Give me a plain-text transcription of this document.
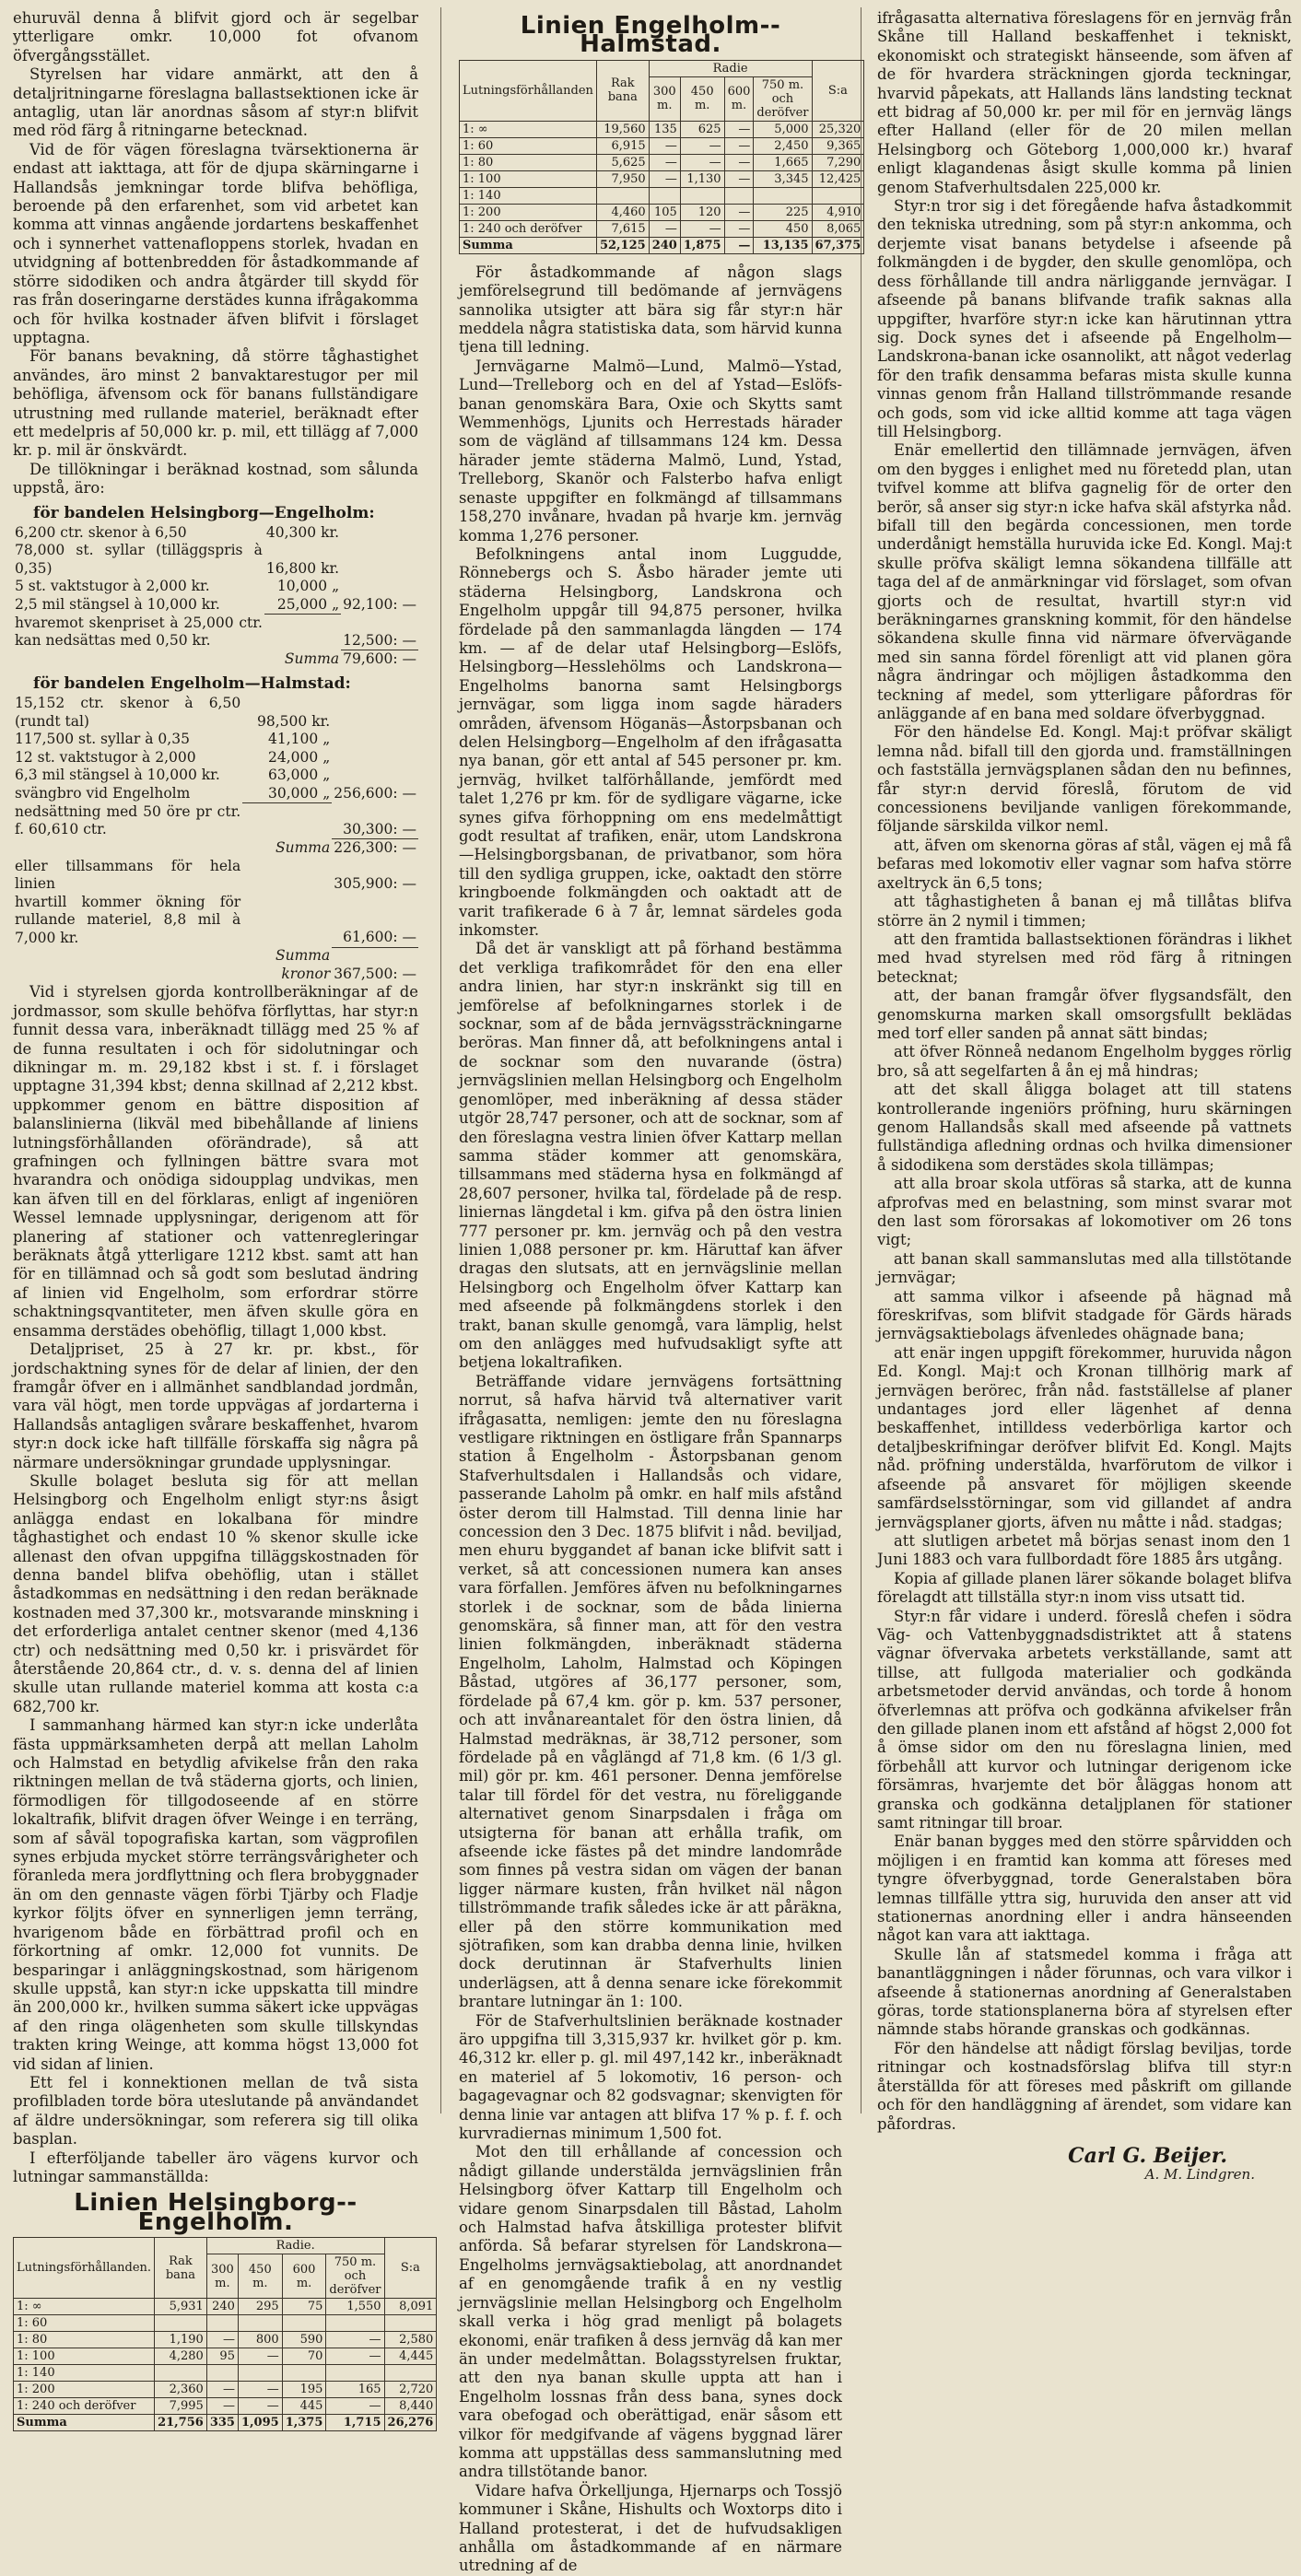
ehuruväl denna å blifvit gjord och är segelbar ytterligare omkr. 10,000 fot ofvanom öfvergångsstället.

Styrelsen har vidare anmärkt, att den å detaljritningarne föreslagna ballastsektionen icke är antaglig, utan lär anordnas såsom af styr:n blifvit med röd färg å ritningarne betecknad.

Vid de för vägen föreslagna tvärsektionerna är endast att iakttaga, att för de djupa skärningarne i Hallandsås jemkningar torde blifva behöfliga, beroende på den erfarenhet, som vid arbetet kan komma att vinnas angående jordartens beskaffenhet och i synnerhet vattenafloppens storlek, hvadan en utvidgning af bottenbredden för åstadkommande af större sidodiken och andra åtgärder till skydd för ras från doseringarne derstädes kunna ifrågakomma och för hvilka kostnader äfven blifvit i förslaget upptagna.

För banans bevakning, då större tåghastighet användes, äro minst 2 banvaktarestugor per mil behöfliga, äfvensom ock för banans fullständigare utrustning med rullande materiel, beräknadt efter ett medelpris af 50,000 kr. p. mil, ett tillägg af 7,000 kr. p. mil är önskvärdt.

De tillökningar i beräknad kostnad, som sålunda uppstå, äro:

för bandelen Helsingborg—Engelholm:
6,200 ctr. skenor à 6,50	40,300 kr.	
78,000 st. syllar (tilläggspris à 0,35)	16,800 kr.	
5 st. vaktstugor à 2,000 kr.	10,000 „	
2,5 mil stängsel à 10,000 kr.	25,000 „	92,100: —
hvaremot skenpriset à 25,000 ctr. kan nedsättas med 0,50 kr.		12,500: —
	Summa	79,600: —
för bandelen Engelholm—Halmstad:
15,152 ctr. skenor à 6,50 (rundt tal)	98,500 kr.	
117,500 st. syllar à 0,35	41,100 „	
12 st. vaktstugor à 2,000	24,000 „	
6,3 mil stängsel à 10,000 kr.	63,000 „	
svängbro vid Engelholm	30,000 „	256,600: —
nedsättning med 50 öre pr ctr. f. 60,610 ctr.		30,300: —
	Summa	226,300: —
eller tillsammans för hela linien		305,900: —
hvartill kommer ökning för rullande materiel, 8,8 mil à 7,000 kr.		61,600: —
	Summa kronor	367,500: —

Vid i styrelsen gjorda kontrollberäkningar af de jordmassor, som skulle behöfva förflyttas, har styr:n funnit dessa vara, inberäknadt tillägg med 25 % af de funna resultaten i och för sidolutningar och dikningar m. m. 29,182 kbst i st. f. i förslaget upptagne 31,394 kbst; denna skillnad af 2,212 kbst. uppkommer genom en bättre disposition af balanslinierna (likväl med bibehållande af liniens lutningsförhållanden oförändrade), så att grafningen och fyllningen bättre svara mot hvarandra och onödiga sidoupplag undvikas, men kan äfven till en del förklaras, enligt af ingeniören Wessel lemnade upplysningar, derigenom att för planering af stationer och vattenregleringar beräknats åtgå ytterligare 1212 kbst. samt att han för en tillämnad och så godt som beslutad ändring af linien vid Engelholm, som erfordrar större schaktningsqvantiteter, men äfven skulle göra en ensamma derstädes obehöflig, tillagt 1,000 kbst.

Detaljpriset, 25 à 27 kr. pr. kbst., för jordschaktning synes för de delar af linien, der den framgår öfver en i allmänhet sandblandad jordmån, vara väl högt, men torde uppvägas af jordarterna i Hallandsås antagligen svårare beskaffenhet, hvarom styr:n dock icke haft tillfälle förskaffa sig några på närmare undersökningar grundade upplysningar.

Skulle bolaget besluta sig för att mellan Helsingborg och Engelholm enligt styr:ns åsigt anlägga endast en lokalbana för mindre tåghastighet och endast 10 % skenor skulle icke allenast den ofvan uppgifna tilläggskostnaden för denna bandel blifva obehöflig, utan i stället åstadkommas en nedsättning i den redan beräknade kostnaden med 37,300 kr., motsvarande minskning i det erforderliga antalet centner skenor (med 4,136 ctr) och nedsättning med 0,50 kr. i prisvärdet för återstående 20,864 ctr., d. v. s. denna del af linien skulle utan rullande materiel komma att kosta c:a 682,700 kr.

I sammanhang härmed kan styr:n icke underlåta fästa uppmärksamheten derpå att mellan Laholm och Halmstad en betydlig afvikelse från den raka riktningen mellan de två städerna gjorts, och linien, förmodligen för tillgodoseende af en större lokaltrafik, blifvit dragen öfver Weinge i en terräng, som af såväl topografiska kartan, som vägprofilen synes erbjuda mycket större terrängsvårigheter och föranleda mera jordflyttning och flera brobyggnader än om den gennaste vägen förbi Tjärby och Fladje kyrkor följts öfver en synnerligen jemn terräng, hvarigenom både en förbättrad profil och en förkortning af omkr. 12,000 fot vunnits. De besparingar i anläggningskostnad, som härigenom skulle uppstå, kan styr:n icke uppskatta till mindre än 200,000 kr., hvilken summa säkert icke uppvägas af den ringa olägenheten som skulle tillskyndas trakten kring Weinge, att komma högst 13,000 fot vid sidan af linien.

Ett fel i konnektionen mellan de två sista profilbladen torde böra uteslutande på användandet af äldre undersökningar, som refererа sig till olika basplan.

I efterföljande tabeller äro vägens kurvor och lutningar sammanställda:

Linien Helsingborg--Engelholm.
Lutningsförhållanden.	Rak bana	Radie.				S:a
		300 m.	450 m.	600 m.	750 m. och deröfver	
1: ∞	5,931	240	295	75	1,550	8,091
1: 60						
1: 80	1,190	—	800	590	—	2,580
1: 100	4,280	95	—	70	—	4,445
1: 140						
1: 200	2,360	—	—	195	165	2,720
1: 240 och deröfver	7,995	—	—	445	—	8,440
Summa	21,756	335	1,095	1,375	1,715	26,276
Linien Engelholm--Halmstad.
Lutningsförhållanden	Rak bana	Radie				S:a
		300 m.	450 m.	600 m.	750 m. och deröfver	
1: ∞	19,560	135	625	—	5,000	25,320
1: 60	6,915	—	—	—	2,450	9,365
1: 80	5,625	—	—	—	1,665	7,290
1: 100	7,950	—	1,130	—	3,345	12,425
1: 140						
1: 200	4,460	105	120	—	225	4,910
1: 240 och deröfver	7,615	—	—	—	450	8,065
Summa	52,125	240	1,875	—	13,135	67,375

För åstadkommande af någon slags jemförelsegrund till bedömande af jernvägens sannolika utsigter att bära sig får styr:n här meddela några statistiska data, som härvid kunna tjena till ledning.

Jernvägarne Malmö—Lund, Malmö—Ystad, Lund—Trelleborg och en del af Ystad—Eslöfs-banan genomskära Bara, Oxie och Skytts samt Wemmenhögs, Ljunits och Herrestads härader som de vägländ af tillsammans 124 km. Dessa härader jemte städerna Malmö, Lund, Ystad, Trelleborg, Skanör och Falsterbo hafva enligt senaste uppgifter en folkmängd af tillsammans 158,270 invånare, hvadan på hvarje km. jernväg komma 1,276 personer.

Befolkningens antal inom Luggudde, Rönnebergs och S. Åsbo härader jemte uti städerna Helsingborg, Landskrona och Engelholm uppgår till 94,875 personer, hvilka fördelade på den sammanlagda längden — 174 km. — af de delar utaf Helsingborg—Eslöfs, Helsingborg—Hesslehölms och Landskrona—Engelholms banorna samt Helsingborgs jernvägar, som ligga inom sagde häraders områden, äfvensom Höganäs—Åstorpsbanan och delen Helsingborg—Engelholm af den ifrågasatta nya banan, gör ett antal af 545 personer pr. km. jernväg, hvilket talförhållande, jemfördt med talet 1,276 pr km. för de sydligare vägarne, icke synes gifva förhoppning om ens medelmåttigt godt resultat af trafiken, enär, utom Landskrona—Helsingborgsbanan, de privatbanor, som höra till den sydliga gruppen, icke, oaktadt den större kringboende folkmängden och oaktadt att de varit trafikerade 6 à 7 år, lemnat särdeles goda inkomster.

Då det är vanskligt att på förhand bestämma det verkliga trafikområdet för den ena eller andra linien, har styr:n inskränkt sig till en jemförelse af befolkningarnes storlek i de socknar, som af de båda jernvägssträckningarne beröras. Man finner då, att befolkningens antal i de socknar som den nuvarande (östra) jernvägslinien mellan Helsingborg och Engelholm genomlöper, med inberäkning af dessa städer utgör 28,747 personer, och att de socknar, som af den föreslagna vestra linien öfver Kattarp mellan samma städer kommer att genomskära, tillsammans med städerna hysa en folkmängd af 28,607 personer, hvilka tal, fördelade på de resp. liniernas längdetal i km. gifva på den östra linien 777 personer pr. km. jernväg och på den vestra linien 1,088 personer pr. km. Häruttaf kan äfver dragas den slutsats, att en jernvägslinie mellan Helsingborg och Engelholm öfver Kattarp kan med afseende på folkmängdens storlek i den trakt, banan skulle genomgå, vara lämplig, helst om den anlägges med hufvudsakligt syfte att betjena lokaltrafiken.

Beträffande vidare jernvägens fortsättning norrut, så hafva härvid två alternativer varit ifrågasatta, nemligen: jemte den nu föreslagna vestligare riktningen en östligare från Spannarps station å Engelholm - Åstorpsbanan genom Stafverhultsdalen i Hallandsås och vidare, passerande Laholm på omkr. en half mils afstånd öster derom till Halmstad. Till denna linie har concession den 3 Dec. 1875 blifvit i nåd. beviljad, men ehuru byggandet af banan icke blifvit satt i verket, så att concessionen numera kan anses vara förfallen. Jemföres äfven nu befolkningarnes storlek i de socknar, som de båda linierna genomskära, så finner man, att för den vestra linien folkmängden, inberäknadt städerna Engelholm, Laholm, Halmstad och Köpingen Båstad, utgöres af 36,177 personer, som, fördelade på 67,4 km. gör p. km. 537 personer, och att invånareantalet för den östra linien, då Halmstad medräknas, är 38,712 personer, som fördelade på en våglängd af 71,8 km. (6 1/3 gl. mil) gör pr. km. 461 personer. Denna jemförelse talar till fördel för det vestra, nu föreliggande alternativet genom Sinarpsdalen i fråga om utsigterna för banan att erhålla trafik, om afseende icke fästes på det mindre landområde som finnes på vestra sidan om vägen der banan ligger närmare kusten, från hvilket näl någon tillströmmande trafik således icke är att påräkna, eller på den större kommunikation med sjötrafiken, som kan drabba denna linie, hvilken dock derutinnan är Stafverhults linien underlägsen, att å denna senare icke förekommit brantare lutningar än 1: 100.

För de Stafverhultslinien beräknade kostnader äro uppgifna till 3,315,937 kr. hvilket gör p. km. 46,312 kr. eller p. gl. mil 497,142 kr., inberäknadt en materiel af 5 lokomotiv, 16 person- och bagagevagnar och 82 godsvagnar; skenvigten för denna linie var antagen att blifva 17 % p. f. f. och kurvradiernas minimum 1,500 fot.

Mot den till erhållande af concession och nådigt gillande understälda jernvägslinien från Helsingborg öfver Kattarp till Engelholm och vidare genom Sinarpsdalen till Båstad, Laholm och Halmstad hafva åtskilliga protester blifvit anförda. Så befarar styrelsen för Landskrona—Engelholms jernvägsaktiebolag, att anordnandet af en genomgående trafik å en ny vestlig jernvägslinie mellan Helsingborg och Engelholm skall verka i hög grad menligt på bolagets ekonomi, enär trafiken å dess jernväg då kan mer än under medelmåttan. Bolagsstyrelsen fruktar, att den nya banan skulle uppta att han i Engelholm lossnas från dess bana, synes dock vara obefogad och oberättigad, enär såsom ett vilkor för medgifvande af vägens byggnad lärer komma att uppställas dess sammanslutning med andra tillstötande banor.

Vidare hafva Örkelljunga, Hjernarps och Tossjö kommuner i Skåne, Hishults och Woxtorps dito i Halland protesterat, i det de hufvudsakligen anhålla om åstadkommande af en närmare utredning af de

ifrågasatta alternativa föreslagens för en jernväg från Skåne till Halland beskaffenhet i tekniskt, ekonomiskt och strategiskt hänseende, som äfven af de för hvardera sträckningen gjorda teckningar, hvarvid påpekats, att Hallands läns landsting tecknat ett bidrag af 50,000 kr. per mil för en jernväg längs efter Halland (eller för de 20 milen mellan Helsingborg och Göteborg 1,000,000 kr.) hvaraf enligt klagandenas åsigt skulle komma på linien genom Stafverhultsdalen 225,000 kr.

Styr:n tror sig i det föregående hafva åstadkommit den tekniska utredning, som på styr:n ankomma, och derjemte visat banans betydelse i afseende på folkmängden i de bygder, den skulle genomlöpa, och dess förhållande till andra närliggande jernvägar. I afseende på banans blifvande trafik saknas alla uppgifter, hvarföre styr:n icke kan härutinnan yttra sig. Dock synes det i afseende på Engelholm—Landskrona-banan icke osannolikt, att något vederlag för den trafik densamma befaras mista skulle kunna vinnas genom från Halland tillströmmande resande och gods, som vid icke alltid komme att taga vägen till Helsingborg.

Enär emellertid den tillämnade jernvägen, äfven om den bygges i enlighet med nu företedd plan, utan tvifvel komme att blifva gagnelig för de orter den berör, så anser sig styr:n icke hafva skäl afstyrka nåd. bifall till den begärda concessionen, men torde underdånigt hemställa huruvida icke Ed. Kongl. Maj:t skulle pröfva skäligt lemna sökandena tillfälle att taga del af de anmärkningar vid förslaget, som ofvan gjorts och de resultat, hvartill styr:n vid beräkningarnes granskning kommit, för den händelse sökandena skulle finna vid närmare öfvervägande med sin sanna fördel förenligt att vid planen göra några ändringar och möjligen åstadkomma den teckning af medel, som ytterligare påfordras för anläggande af en bana med soldare öfverbyggnad.

För den händelse Ed. Kongl. Maj:t pröfvar skäligt lemna nåd. bifall till den gjorda und. framställningen och fastställa jernvägsplanen sådan den nu befinnes, får styr:n dervid föreslå, förutom de vid concessionens beviljande vanligen förekommande, följande särskilda vilkor neml.

att, äfven om skenorna göras af stål, vägen ej må få befaras med lokomotiv eller vagnar som hafva större axeltryck än 6,5 tons;

att tåghastigheten å banan ej må tillåtas blifva större än 2 nymil i timmen;

att den framtida ballastsektionen förändras i likhet med hvad styrelsen med röd färg å ritningen betecknat;

att, der banan framgår öfver flygsandsfält, den genomskurna marken skall omsorgsfullt beklädas med torf eller sanden på annat sätt bindas;

att öfver Rönneå nedanom Engelholm bygges rörlig bro, så att segelfarten å ån ej må hindras;

att det skall åligga bolaget att till statens kontrollerande ingeniörs pröfning, huru skärningen genom Hallandsås skall med afseende på vattnets fullständiga afledning ordnas och hvilka dimensioner å sidodikena som derstädes skola tillämpas;

att alla broar skola utföras så starka, att de kunna afprofvas med en belastning, som minst svarar mot den last som förorsakas af lokomotiver om 26 tons vigt;

att banan skall sammanslutas med alla tillstötande jernvägar;

att samma vilkor i afseende på hägnad må föreskrifvas, som blifvit stadgade för Gärds härads jernvägsaktiebolags äfvenledes ohägnade bana;

att enär ingen uppgift förekommer, huruvida någon Ed. Kongl. Maj:t och Kronan tillhörig mark af jernvägen berörес, från nåd. fastställelse af planer undantages jord eller lägenhet af denna beskaffenhet, intilldess vederbörliga kartor och detaljbeskrifningar deröfver blifvit Ed. Kongl. Majts nåd. pröfning understälda, hvarförutom de vilkor i afseende på ansvaret för möjligen skeende samfärdselsstörningar, som vid gillandet af andra jernvägsplaner gjorts, äfven nu måtte i nåd. stadgas;

att slutligen arbetet må börjas senast inom den 1 Juni 1883 och vara fullbordadt före 1885 års utgång.

Kopia af gillade planen lärer sökande bolaget blifva förelagdt att tillställa styr:n inom viss utsatt tid.

Styr:n får vidare i underd. föreslå chefen i södra Väg- och Vattenbyggnadsdistriktet att å statens vägnar öfvervaka arbetets verkställande, samt att tillse, att fullgoda materialier och godkända arbetsmetoder dervid användas, och torde å honom öfverlemnas att pröfva och godkänna afvikelser från den gillade planen inom ett afstånd af högst 2,000 fot å ömse sidor om den nu föreslagna linien, med förbehåll att kurvor och lutningar derigenom icke försämras, hvarjemte det bör åläggas honom att granska och godkänna detaljplanen för stationer samt ritningar till broar.

Enär banan bygges med den större spårvidden och möjligen i en framtid kan komma att föreses med tyngre öfverbyggnad, torde Generalstaben böra lemnas tillfälle yttra sig, huruvida den anser att vid stationernas anordning eller i andra hänseenden något kan vara att iakttaga.

Skulle lån af statsmedel komma i fråga att banantläggningen i nåder förunnas, och vara vilkor i afseende å stationernas anordning af Generalstaben göras, torde stationsplanerna böra af styrelsen efter nämnde stabs hörande granskas och godkännas.

För den händelse att nådigt förslag beviljas, torde ritningar och kostnadsförslag blifva till styr:n återställda för att föreses med påskrift om gillande och för den handläggning af ärendet, som vidare kan påfordras.

Carl G. Beijer.
A. M. Lindgren.
